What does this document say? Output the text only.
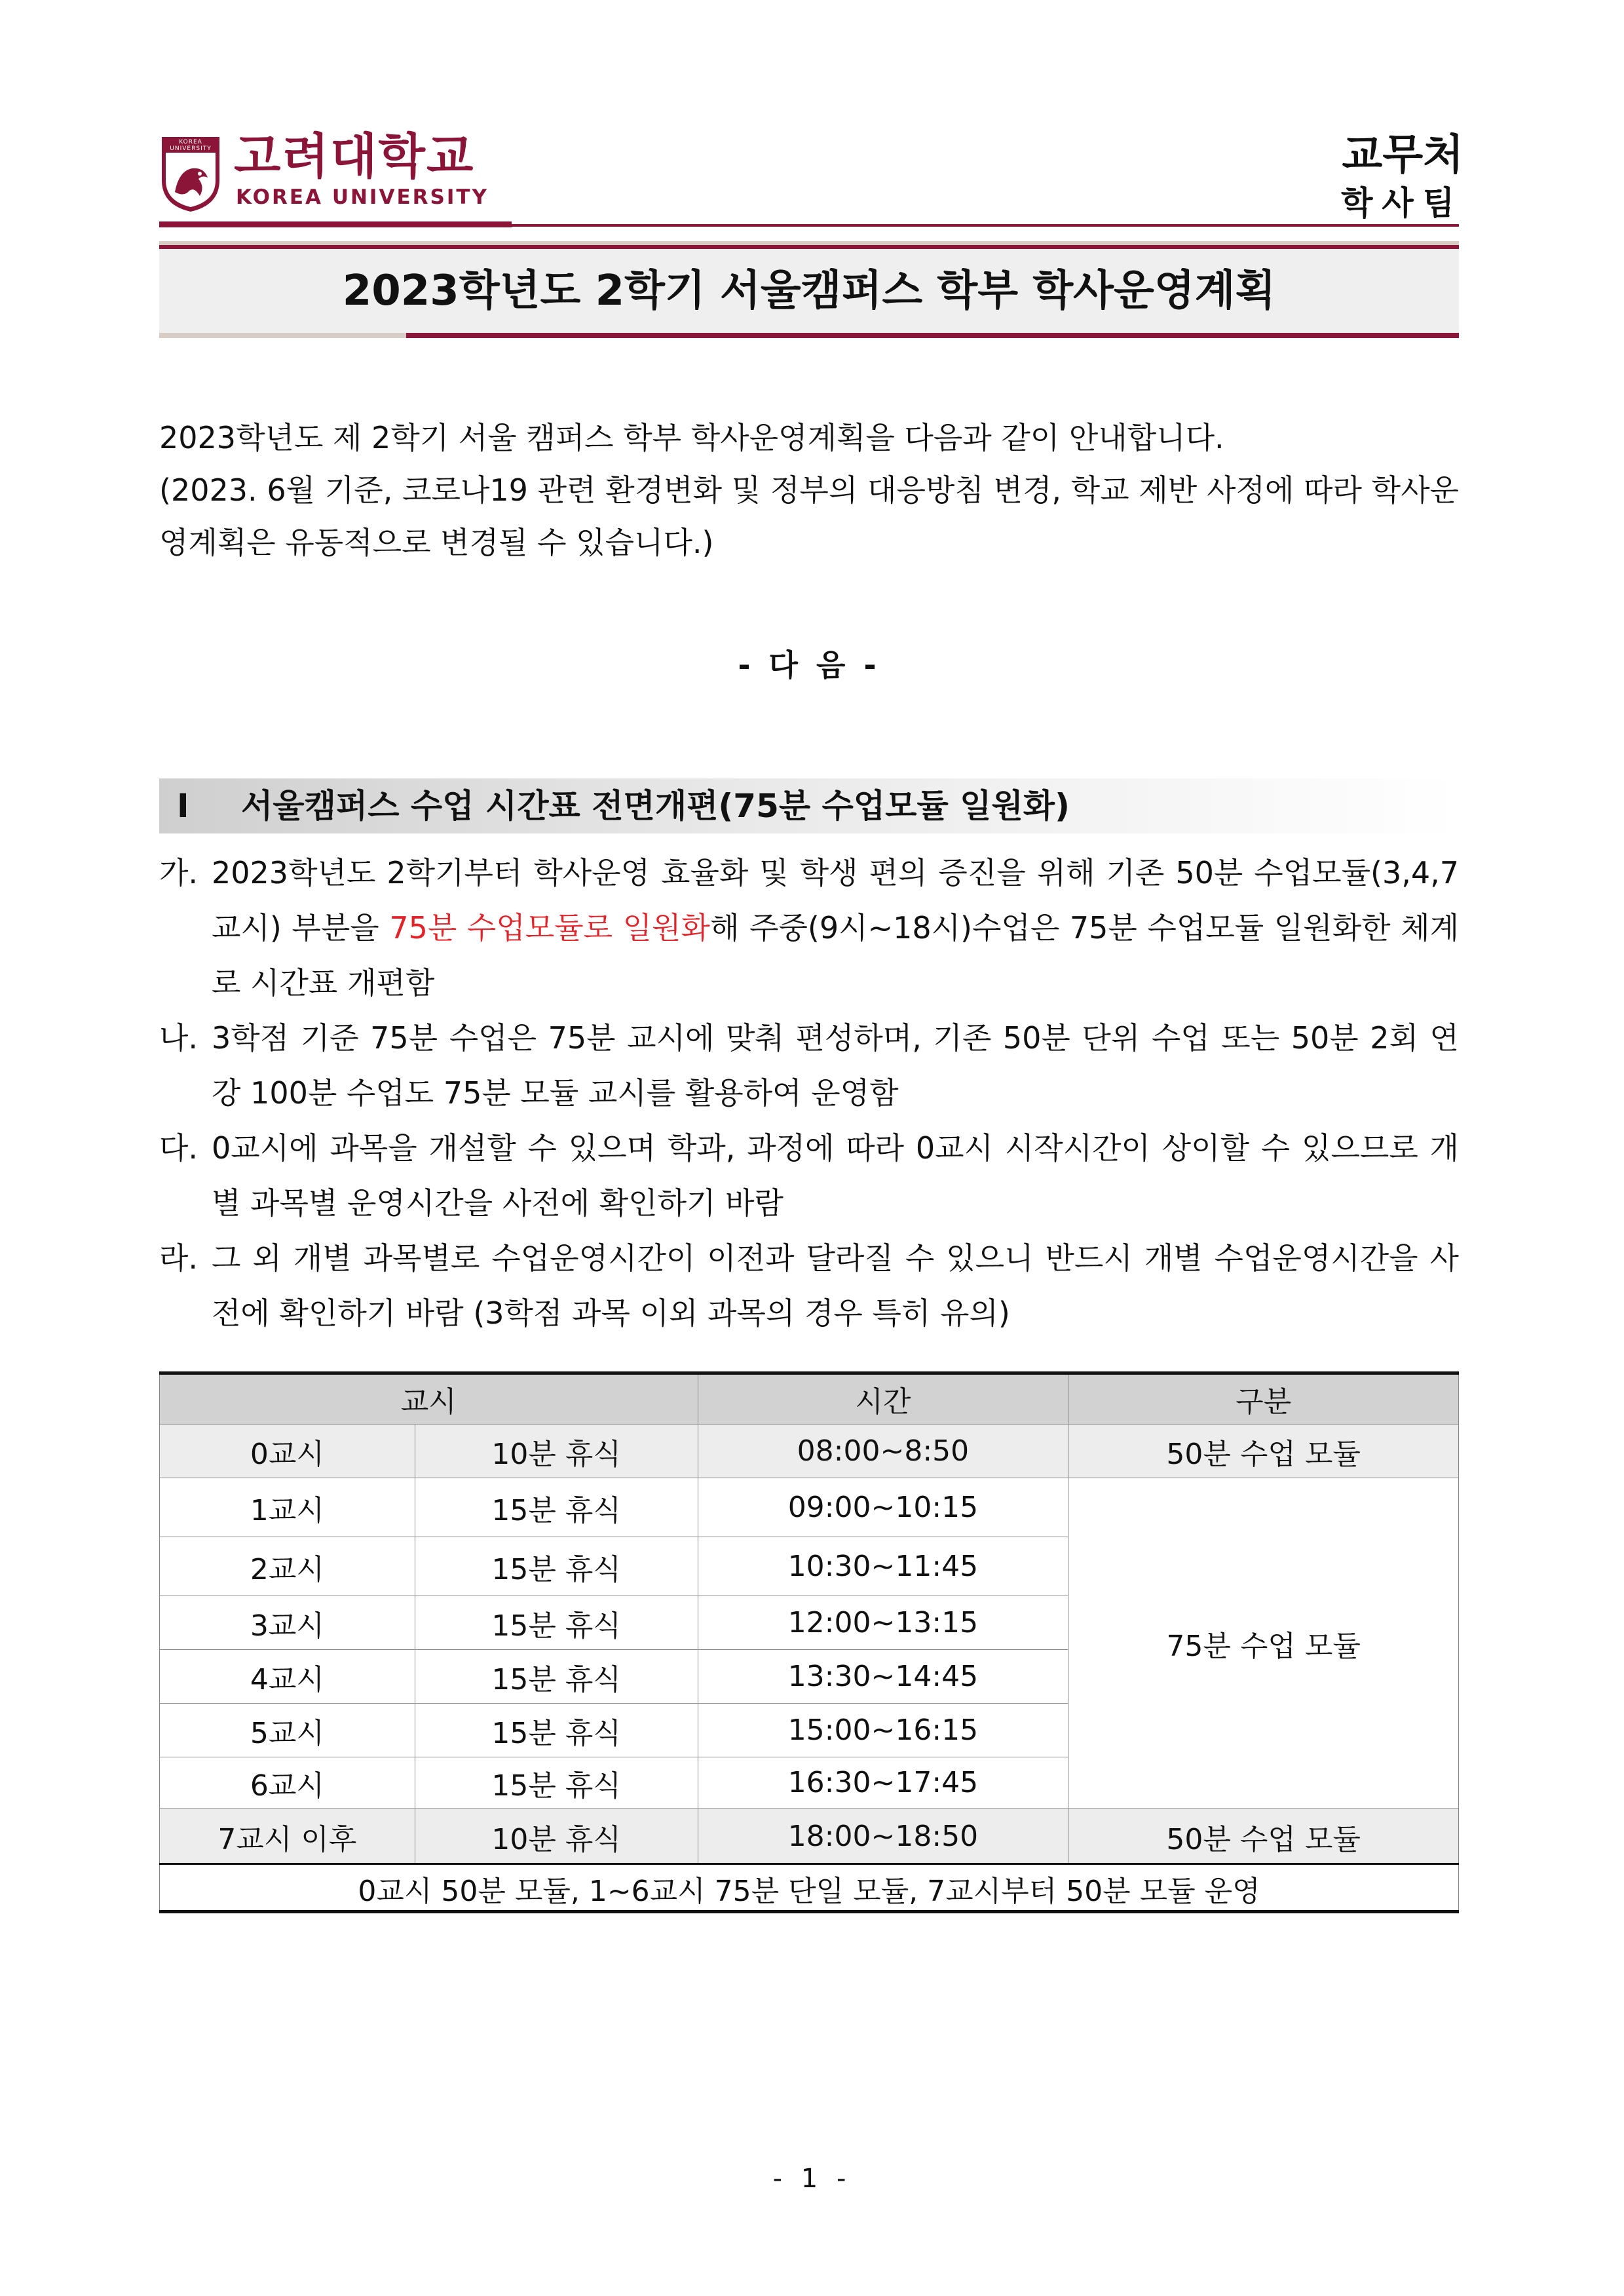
KOREA UNIVERSITY 고려대학교
KOREA UNIVERSITY
교무처
학사팀
2023학년도 2학기 서울캠퍼스 학부 학사운영계획

2023학년도 제 2학기 서울 캠퍼스 학부 학사운영계획을 다음과 같이 안내합니다.

(2023. 6월 기준, 코로나19 관련 환경변화 및 정부의 대응방침 변경, 학교 제반 사정에 따라 학사운영계획은 유동적으로 변경될 수 있습니다.)

- 다 음 -
Ⅰ 서울캠퍼스 수업 시간표 전면개편(75분 수업모듈 일원화)
가. 2023학년도 2학기부터 학사운영 효율화 및 학생 편의 증진을 위해 기존 50분 수업모듈(3,4,7교시) 부분을 75분 수업모듈로 일원화해 주중(9시~18시)수업은 75분 수업모듈 일원화한 체계로 시간표 개편함
나. 3학점 기준 75분 수업은 75분 교시에 맞춰 편성하며, 기존 50분 단위 수업 또는 50분 2회 연강 100분 수업도 75분 모듈 교시를 활용하여 운영함
다. 0교시에 과목을 개설할 수 있으며 학과, 과정에 따라 0교시 시작시간이 상이할 수 있으므로 개별 과목별 운영시간을 사전에 확인하기 바람
라. 그 외 개별 과목별로 수업운영시간이 이전과 달라질 수 있으니 반드시 개별 수업운영시간을 사전에 확인하기 바람 (3학점 과목 이외 과목의 경우 특히 유의)
교시		시간	구분
0교시	10분 휴식	08:00~8:50	50분 수업 모듈
1교시	15분 휴식	09:00~10:15	75분 수업 모듈
2교시	15분 휴식	10:30~11:45	
3교시	15분 휴식	12:00~13:15	
4교시	15분 휴식	13:30~14:45	
5교시	15분 휴식	15:00~16:15	
6교시	15분 휴식	16:30~17:45	
7교시 이후	10분 휴식	18:00~18:50	50분 수업 모듈
0교시 50분 모듈, 1~6교시 75분 단일 모듈, 7교시부터 50분 모듈 운영			
- 1 -
